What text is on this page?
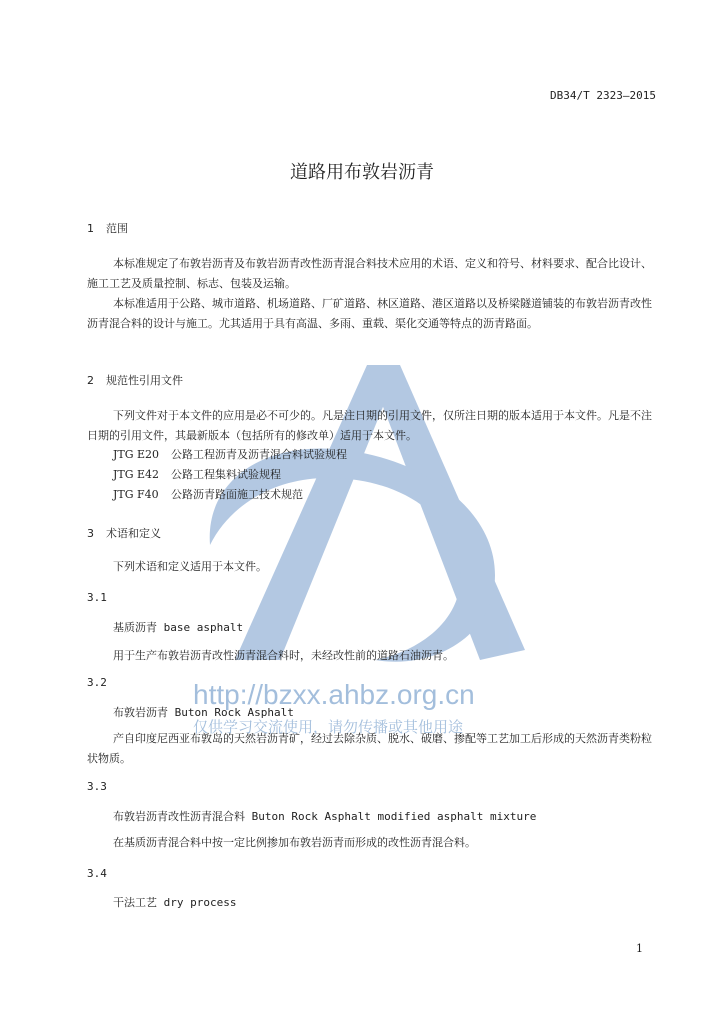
DB34/T 2323—2015
道路用布敦岩沥青
1 范围
本标准规定了布敦岩沥青及布敦岩沥青改性沥青混合料技术应用的术语、定义和符号、材料要求、配合比设计、施工工艺及质量控制、标志、包装及运输。
本标准适用于公路、城市道路、机场道路、厂矿道路、林区道路、港区道路以及桥梁隧道铺装的布敦岩沥青改性沥青混合料的设计与施工。尤其适用于具有高温、多雨、重载、渠化交通等特点的沥青路面。
2 规范性引用文件
下列文件对于本文件的应用是必不可少的。凡是注日期的引用文件，仅所注日期的版本适用于本文件。凡是不注日期的引用文件，其最新版本（包括所有的修改单）适用于本文件。
JTG E20 公路工程沥青及沥青混合料试验规程
JTG E42 公路工程集料试验规程
JTG F40 公路沥青路面施工技术规范
3 术语和定义
下列术语和定义适用于本文件。
3.1
基质沥青 base asphalt
用于生产布敦岩沥青改性沥青混合料时，未经改性前的道路石油沥青。
3.2
布敦岩沥青 Buton Rock Asphalt
产自印度尼西亚布敦岛的天然岩沥青矿，经过去除杂质、脱水、破磨、掺配等工艺加工后形成的天然沥青类粉粒状物质。
3.3
布敦岩沥青改性沥青混合料 Buton Rock Asphalt modified asphalt mixture
在基质沥青混合料中按一定比例掺加布敦岩沥青而形成的改性沥青混合料。
3.4
干法工艺 dry process
http://bzxx.ahbz.org.cn
仅供学习交流使用，请勿传播或其他用途
1
